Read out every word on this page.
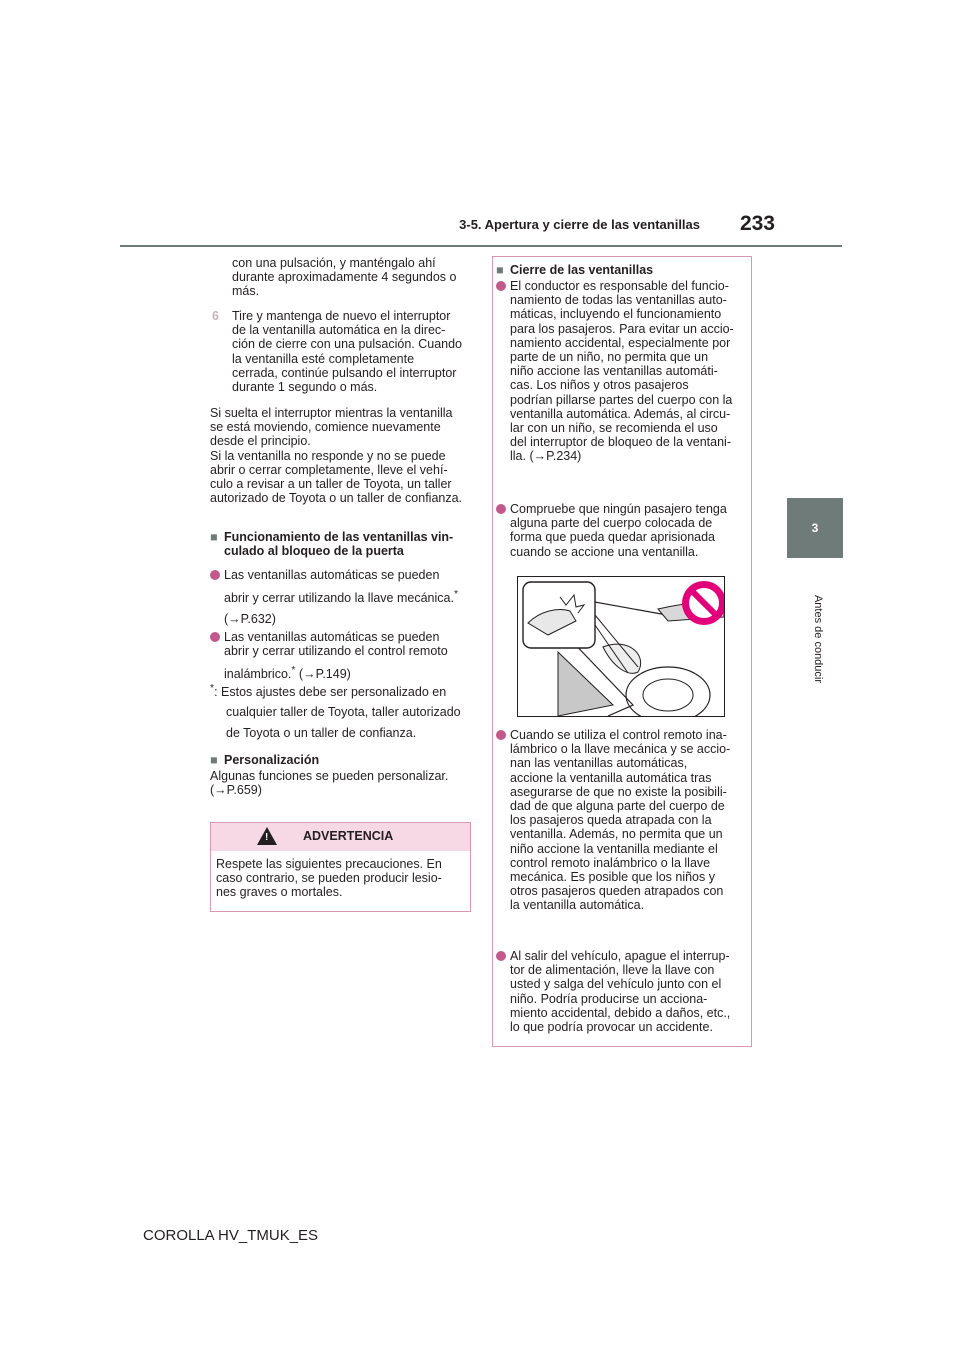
3-5. Apertura y cierre de las ventanillas	233
3
Antes de conducir

con una pulsación, y manténgalo ahí

durante aproximadamente 4 segundos o

más.

6 Tire y mantenga de nuevo el interruptor

de la ventanilla automática en la direc-

ción de cierre con una pulsación. Cuando

la ventanilla esté completamente

cerrada, continúe pulsando el interruptor

durante 1 segundo o más.

Si suelta el interruptor mientras la ventanilla

se está moviendo, comience nuevamente

desde el principio.

Si la ventanilla no responde y no se puede

abrir o cerrar completamente, lleve el vehí-

culo a revisar a un taller de Toyota, un taller

autorizado de Toyota o un taller de confianza.

■ Funcionamiento de las ventanillas vin-

culado al bloqueo de la puerta

Las ventanillas automáticas se pueden

abrir y cerrar utilizando la llave mecánica.*

(→P.632)

Las ventanillas automáticas se pueden

abrir y cerrar utilizando el control remoto

inalámbrico.* (→P.149)

*: Estos ajustes debe ser personalizado en

cualquier taller de Toyota, taller autorizado

de Toyota o un taller de confianza.

■ Personalización

Algunas funciones se pueden personalizar.

(→P.659)

!	ADVERTENCIA

Respete las siguientes precauciones. En

caso contrario, se pueden producir lesio-

nes graves o mortales.

■ Cierre de las ventanillas

El conductor es responsable del funcio-

namiento de todas las ventanillas auto-

máticas, incluyendo el funcionamiento

para los pasajeros. Para evitar un accio-

namiento accidental, especialmente por

parte de un niño, no permita que un

niño accione las ventanillas automáti-

cas. Los niños y otros pasajeros

podrían pillarse partes del cuerpo con la

ventanilla automática. Además, al circu-

lar con un niño, se recomienda el uso

del interruptor de bloqueo de la ventani-

lla. (→P.234)

Compruebe que ningún pasajero tenga

alguna parte del cuerpo colocada de

forma que pueda quedar aprisionada

cuando se accione una ventanilla.

Cuando se utiliza el control remoto ina-

lámbrico o la llave mecánica y se accio-

nan las ventanillas automáticas,

accione la ventanilla automática tras

asegurarse de que no existe la posibili-

dad de que alguna parte del cuerpo de

los pasajeros queda atrapada con la

ventanilla. Además, no permita que un

niño accione la ventanilla mediante el

control remoto inalámbrico o la llave

mecánica. Es posible que los niños y

otros pasajeros queden atrapados con

la ventanilla automática.

Al salir del vehículo, apague el interrup-

tor de alimentación, lleve la llave con

usted y salga del vehículo junto con el

niño. Podría producirse un acciona-

miento accidental, debido a daños, etc.,

lo que podría provocar un accidente.

COROLLA HV_TMUK_ES
